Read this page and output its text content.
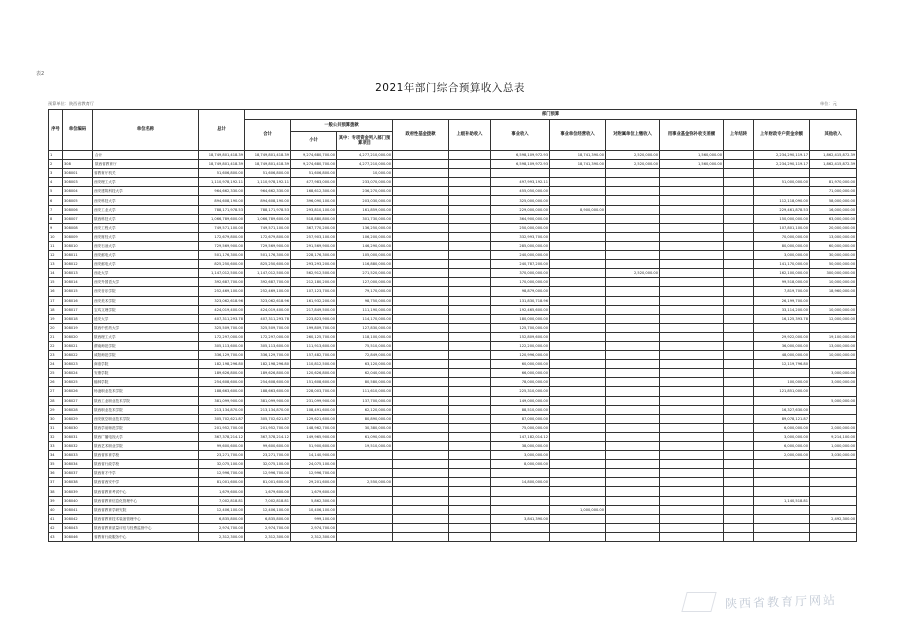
表2
2021年部门综合预算收入总表
预算单位：陕西省教育厅	单位：元
序号	单位编码	单位名称	总计	部门预算											
				合计	一般公共预算拨款		政府性基金拨款	上级补助收入	事业收入	事业单位经营收入	对附属单位上缴收入	用事业基金弥补收支差额	上年结转	上年财政专户资金余额	其他收入
					小计	其中：专项资金列入部门预算项目									
1		合计	18,749,801,418.39	18,749,801,418.39	9,274,680,700.00	4,277,210,000.00			6,598,109,972.93	18,741,390.00	2,520,000.00	1,560,000.00		2,234,290,119.17	1,862,415,872.39
2	308	陕西省教育厅	18,749,801,418.39	18,749,801,418.39	9,274,680,700.00	4,277,210,000.00			6,598,109,972.93	18,741,390.00	2,520,000.00	1,560,000.00		2,234,290,119.17	1,862,415,872.39
3	308001	省教育厅机关	51,606,800.00	51,606,800.00	51,606,800.00	10,000.00									
4	308003	西安理工大学	1,110,978,192.11	1,110,978,192.11	477,983,000.00	233,070,000.00			497,993,192.11					51,000,000.00	81,970,000.00
5	308004	西安建筑科技大学	964,662,330.00	964,662,330.00	168,612,300.00	236,270,000.00			455,050,000.00						71,000,000.00
6	308005	西安科技大学	894,608,190.00	894,608,190.00	396,090,100.00	203,030,000.00			325,000,000.00					112,118,090.00	58,000,000.00
7	308006	西安工业大学	788,171,978.53	788,171,978.53	293,810,100.00	161,859,000.00			229,000,000.00	8,900,000.00				229,461,878.53	16,000,000.00
8	308007	陕西科技大学	1,066,789,600.00	1,066,789,600.00	518,880,800.00	301,730,000.00			364,900,000.00					150,000,000.00	63,000,000.00
9	308008	西安工程大学	749,571,100.00	749,571,100.00	367,770,200.00	136,250,000.00			250,000,000.00					107,801,100.00	20,000,000.00
10	308009	西安财经大学	172,679,800.00	172,679,800.00	257,903,100.00	106,200,000.00			332,993,700.00					70,000,000.00	13,000,000.00
11	308010	西安石油大学	729,569,900.00	729,569,900.00	291,569,900.00	146,290,000.00			285,000,000.00					80,000,000.00	60,000,000.00
12	308011	西安邮电大学	501,176,300.00	501,176,300.00	228,176,300.00	105,000,000.00			240,000,000.00					3,000,000.00	30,000,000.00
13	308012	西安邮电大学	825,250,600.00	825,250,600.00	293,293,200.00	116,880,000.00			240,787,200.00					141,170,000.00	50,000,000.00
14	308013	西北大学	1,147,012,500.00	1,147,012,500.00	562,912,500.00	271,520,000.00			370,000,000.00		2,520,000.00			162,100,000.00	300,000,000.00
15	308014	西安外国语大学	392,687,700.00	392,687,700.00	212,180,200.00	127,000,000.00			170,000,000.00					99,518,000.00	10,000,000.00
16	308015	西安音乐学院	252,469,100.00	252,469,100.00	107,123,700.00	79,170,000.00			98,879,000.00					7,819,700.00	18,960,000.00
17	308016	西安美术学院	323,062,618.96	323,062,618.96	161,932,200.00	98,750,000.00			131,830,718.96					26,199,700.00	
18	308017	宝鸡文理学院	424,019,400.00	424,019,400.00	217,849,500.00	111,190,000.00			192,465,600.00					33,114,200.00	10,000,000.00
19	308018	延安大学	407,311,293.78	407,311,293.78	223,823,900.00	114,170,000.00			180,000,000.00					16,125,393.78	12,000,000.00
20	308019	陕西中医药大学	325,509,700.00	325,509,700.00	199,809,700.00	127,830,000.00			125,700,000.00						
21	308020	陕西理工大学	172,297,000.00	172,297,000.00	260,125,700.00	118,100,000.00			152,809,600.00					29,922,000.00	19,100,000.00
22	308021	渭南师范学院	305,113,600.00	305,113,600.00	111,913,600.00	75,510,000.00			122,200,000.00					36,000,000.00	13,000,000.00
23	308022	咸阳师范学院	336,129,700.00	336,129,700.00	157,482,700.00	72,849,000.00			120,996,000.00					48,000,000.00	10,000,000.00
24	308023	商洛学院	182,198,296.80	182,198,296.80	110,812,500.00	63,120,000.00			60,000,000.00					12,119,796.80	
25	308024	安康学院	189,626,800.00	189,626,800.00	120,626,800.00	62,040,000.00			66,000,000.00						3,000,000.00
26	308025	榆林学院	254,608,600.00	254,608,600.00	151,608,600.00	80,580,000.00			78,000,000.00					100,000.00	3,000,000.00
27	308026	杨凌职业技术学院	188,663,600.00	188,663,600.00	228,003,700.00	111,610,000.00			225,310,000.00					121,851,000.00	
28	308027	陕西工业职业技术学院	381,099,900.00	381,099,900.00	231,099,900.00	137,700,000.00			149,000,000.00						5,000,000.00
29	308028	陕西职业技术学院	213,134,870.00	213,134,870.00	108,491,600.00	62,120,000.00			88,510,000.00					16,327,630.00	
30	308029	西安航空职业技术学院	305,702,621.87	305,702,621.87	129,621,600.00	80,890,000.00			87,000,000.00					89,078,121.87	
31	308030	陕西学前师范学院	201,952,700.00	201,952,700.00	148,962,700.00	30,380,000.00			75,000,000.00					6,000,000.00	2,000,000.00
32	308031	陕西广播电视大学	367,378,214.12	367,378,214.12	149,965,900.00	61,090,000.00			147,182,014.12					3,000,000.00	9,214,100.00
33	308032	陕西艺术职业学院	99,600,600.00	99,600,600.00	51,900,600.00	19,510,000.00			38,000,000.00					6,000,000.00	1,000,000.00
34	308033	陕西省体育学校	23,271,700.00	23,271,700.00	14,140,900.00				3,000,000.00					2,000,000.00	3,030,000.00
35	308034	陕西省行政学校	32,075,100.00	32,075,100.00	24,075,100.00				8,000,000.00						
36	308037	陕西育才中学	12,996,700.00	12,996,700.00	12,996,700.00										
37	308038	陕西省西安中学	81,001,600.00	81,001,600.00	29,201,600.00	2,550,000.00			14,800,000.00						
38	308039	陕西省教育考试中心	1,679,600.00	1,679,600.00	1,679,600.00										
39	308040	陕西省教育信息化管理中心	7,002,818.81	7,002,818.81	5,862,300.00									1,140,518.81	
40	308041	陕西省教育学研究院	12,406,100.00	12,406,100.00	10,406,100.00					1,000,000.00					
41	308042	陕西省教育技术装备管理中心	6,835,800.00	6,835,800.00	999,100.00				3,841,390.00						2,492,300.00
42	308043	陕西省教育质量评估与经费监督中心	2,974,700.00	2,974,700.00	2,974,700.00										
43	308046	省教育行政服务中心	2,312,300.00	2,312,300.00	2,312,300.00										
陕西省教育厅网站
